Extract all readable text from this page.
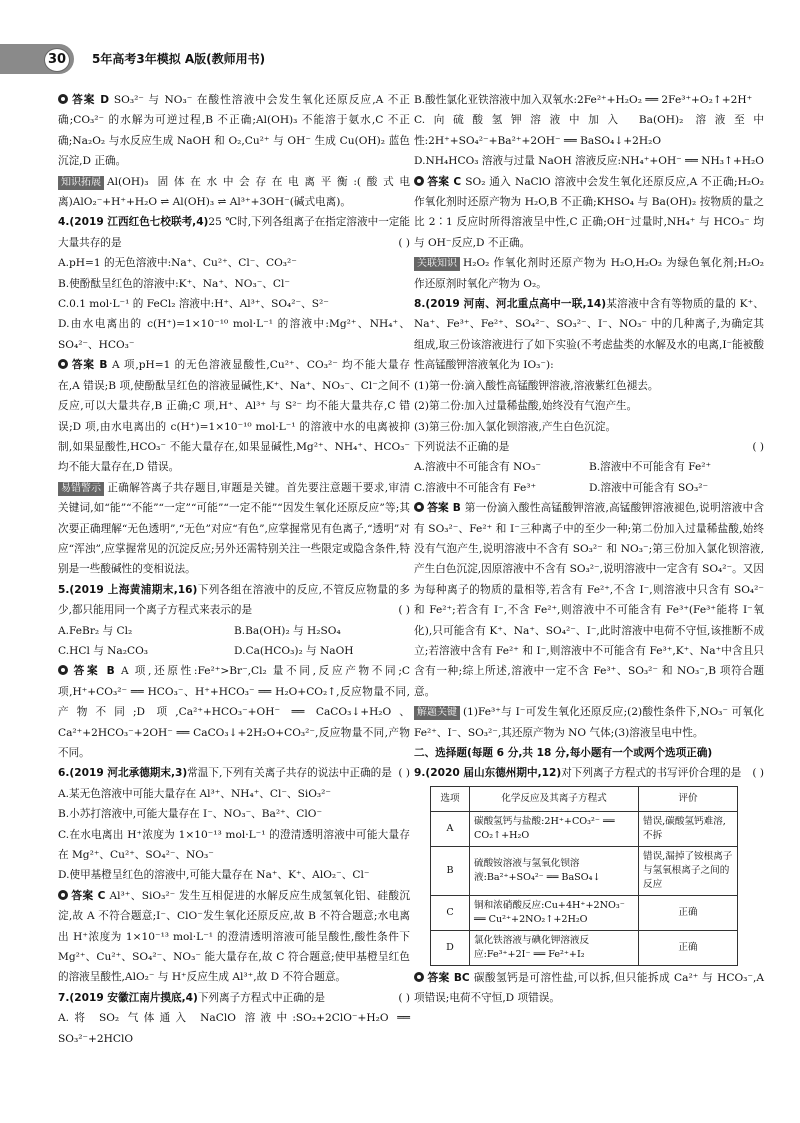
30	5年高考3年模拟 A版(教师用书)

答案 D SO₃²⁻ 与 NO₃⁻ 在酸性溶液中会发生氧化还原反应,A 不正确;CO₃²⁻ 的水解为可逆过程,B 不正确;Al(OH)₃ 不能溶于氨水,C 不正确;Na₂O₂ 与水反应生成 NaOH 和 O₂,Cu²⁺ 与 OH⁻ 生成 Cu(OH)₂ 蓝色沉淀,D 正确。

知识拓展 Al(OH)₃ 固体在水中会存在电离平衡:(酸式电离)AlO₂⁻+H⁺+H₂O ⇌ Al(OH)₃ ⇌ Al³⁺+3OH⁻(碱式电离)。

4.(2019 江西红色七校联考,4)25 ℃时,下列各组离子在指定溶液中一定能大量共存的是	( )

A.pH=1 的无色溶液中:Na⁺、Cu²⁺、Cl⁻、CO₃²⁻

B.使酚酞呈红色的溶液中:K⁺、Na⁺、NO₃⁻、Cl⁻

C.0.1 mol·L⁻¹ 的 FeCl₂ 溶液中:H⁺、Al³⁺、SO₄²⁻、S²⁻

D.由水电离出的 c(H⁺)=1×10⁻¹⁰ mol·L⁻¹ 的溶液中:Mg²⁺、NH₄⁺、SO₄²⁻、HCO₃⁻

答案 B A 项,pH=1 的无色溶液显酸性,Cu²⁺、CO₃²⁻ 均不能大量存在,A 错误;B 项,使酚酞呈红色的溶液显碱性,K⁺、Na⁺、NO₃⁻、Cl⁻之间不反应,可以大量共存,B 正确;C 项,H⁺、Al³⁺ 与 S²⁻ 均不能大量共存,C 错误;D 项,由水电离出的 c(H⁺)=1×10⁻¹⁰ mol·L⁻¹ 的溶液中水的电离被抑制,如果显酸性,HCO₃⁻ 不能大量存在,如果显碱性,Mg²⁺、NH₄⁺、HCO₃⁻ 均不能大量存在,D 错误。

易错警示 正确解答离子共存题目,审题是关键。首先要注意题干要求,审清关键词,如“能”“不能”“一定”“可能”“一定不能”“因发生氧化还原反应”等;其次要正确理解“无色透明”,“无色”对应“有色”,应掌握常见有色离子,“透明”对应“浑浊”,应掌握常见的沉淀反应;另外还需特别关注一些限定或隐含条件,特别是一些酸碱性的变相说法。

5.(2019 上海黄浦期末,16)下列各组在溶液中的反应,不管反应物量的多少,都只能用同一个离子方程式来表示的是	( )

A.FeBr₂ 与 Cl₂	B.Ba(OH)₂ 与 H₂SO₄
C.HCl 与 Na₂CO₃	D.Ca(HCO₃)₂ 与 NaOH

答案 B A 项,还原性:Fe²⁺>Br⁻,Cl₂ 量不同,反应产物不同;C 项,H⁺+CO₃²⁻ ══ HCO₃⁻、H⁺+HCO₃⁻ ══ H₂O+CO₂↑,反应物量不同,产物不同;D 项,Ca²⁺+HCO₃⁻+OH⁻ ══ CaCO₃↓+H₂O、Ca²⁺+2HCO₃⁻+2OH⁻ ══ CaCO₃↓+2H₂O+CO₃²⁻,反应物量不同,产物不同。

6.(2019 河北承德期末,3)常温下,下列有关离子共存的说法中正确的是 ( )

A.某无色溶液中可能大量存在 Al³⁺、NH₄⁺、Cl⁻、SiO₃²⁻

B.小苏打溶液中,可能大量存在 I⁻、NO₃⁻、Ba²⁺、ClO⁻

C.在水电离出 H⁺浓度为 1×10⁻¹³ mol·L⁻¹ 的澄清透明溶液中可能大量存在 Mg²⁺、Cu²⁺、SO₄²⁻、NO₃⁻

D.使甲基橙呈红色的溶液中,可能大量存在 Na⁺、K⁺、AlO₂⁻、Cl⁻

答案 C Al³⁺、SiO₃²⁻ 发生互相促进的水解反应生成氢氧化铝、硅酸沉淀,故 A 不符合题意;I⁻、ClO⁻发生氧化还原反应,故 B 不符合题意;水电离出 H⁺浓度为 1×10⁻¹³ mol·L⁻¹ 的澄清透明溶液可能呈酸性,酸性条件下 Mg²⁺、Cu²⁺、SO₄²⁻、NO₃⁻ 能大量存在,故 C 符合题意;使甲基橙呈红色的溶液呈酸性,AlO₂⁻ 与 H⁺反应生成 Al³⁺,故 D 不符合题意。

7.(2019 安徽江南片摸底,4)下列离子方程式中正确的是	( )

A.将 SO₂ 气体通入 NaClO 溶液中:SO₂+2ClO⁻+H₂O ══ SO₃²⁻+2HClO

B.酸性氯化亚铁溶液中加入双氧水:2Fe²⁺+H₂O₂ ══ 2Fe³⁺+O₂↑+2H⁺

C.向硫酸氢钾溶液中加入 Ba(OH)₂ 溶液至中性:2H⁺+SO₄²⁻+Ba²⁺+2OH⁻ ══ BaSO₄↓+2H₂O

D.NH₄HCO₃ 溶液与过量 NaOH 溶液反应:NH₄⁺+OH⁻ ══ NH₃↑+H₂O

答案 C SO₂ 通入 NaClO 溶液中会发生氧化还原反应,A 不正确;H₂O₂ 作氧化剂时还原产物为 H₂O,B 不正确;KHSO₄ 与 Ba(OH)₂ 按物质的量之比 2∶1 反应时所得溶液呈中性,C 正确;OH⁻过量时,NH₄⁺ 与 HCO₃⁻ 均与 OH⁻反应,D 不正确。

关联知识 H₂O₂ 作氧化剂时还原产物为 H₂O,H₂O₂ 为绿色氧化剂;H₂O₂ 作还原剂时氧化产物为 O₂。

8.(2019 河南、河北重点高中一联,14)某溶液中含有等物质的量的 K⁺、Na⁺、Fe³⁺、Fe²⁺、SO₄²⁻、SO₃²⁻、I⁻、NO₃⁻ 中的几种离子,为确定其组成,取三份该溶液进行了如下实验(不考虑盐类的水解及水的电离,I⁻能被酸性高锰酸钾溶液氧化为 IO₃⁻):

(1)第一份:滴入酸性高锰酸钾溶液,溶液紫红色褪去。

(2)第二份:加入过量稀盐酸,始终没有气泡产生。

(3)第三份:加入氯化钡溶液,产生白色沉淀。

下列说法不正确的是	( )

A.溶液中不可能含有 NO₃⁻	B.溶液中不可能含有 Fe²⁺
C.溶液中不可能含有 Fe³⁺	D.溶液中可能含有 SO₃²⁻

答案 B 第一份滴入酸性高锰酸钾溶液,高锰酸钾溶液褪色,说明溶液中含有 SO₃²⁻、Fe²⁺ 和 I⁻三种离子中的至少一种;第二份加入过量稀盐酸,始终没有气泡产生,说明溶液中不含有 SO₃²⁻ 和 NO₃⁻;第三份加入氯化钡溶液,产生白色沉淀,因原溶液中不含有 SO₃²⁻,说明溶液中一定含有 SO₄²⁻。又因为每种离子的物质的量相等,若含有 Fe²⁺,不含 I⁻,则溶液中只含有 SO₄²⁻ 和 Fe²⁺;若含有 I⁻,不含 Fe²⁺,则溶液中不可能含有 Fe³⁺(Fe³⁺能将 I⁻氧化),只可能含有 K⁺、Na⁺、SO₄²⁻、I⁻,此时溶液中电荷不守恒,该推断不成立;若溶液中含有 Fe²⁺ 和 I⁻,则溶液中不可能含有 Fe³⁺,K⁺、Na⁺中含且只含有一种;综上所述,溶液中一定不含 Fe³⁺、SO₃²⁻ 和 NO₃⁻,B 项符合题意。

解题关键 (1)Fe³⁺与 I⁻可发生氧化还原反应;(2)酸性条件下,NO₃⁻ 可氧化 Fe²⁺、I⁻、SO₃²⁻,其还原产物为 NO 气体;(3)溶液呈电中性。

二、选择题(每题 6 分,共 18 分,每小题有一个或两个选项正确)

9.(2020 届山东德州期中,12)对下列离子方程式的书写评价合理的是 ( )

选项	化学反应及其离子方程式	评价
A	碳酸氢钙与盐酸:2H⁺+CO₃²⁻ ══ CO₂↑+H₂O	错误,碳酸氢钙难溶,不拆
B	硫酸铵溶液与氢氧化钡溶液:Ba²⁺+SO₄²⁻ ══ BaSO₄↓	错误,漏掉了铵根离子与氢氧根离子之间的反应
C	铜和浓硝酸反应:Cu+4H⁺+2NO₃⁻ ══ Cu²⁺+2NO₂↑+2H₂O	正确
D	氯化铁溶液与碘化钾溶液反应:Fe³⁺+2I⁻ ══ Fe²⁺+I₂	正确

答案 BC 碳酸氢钙是可溶性盐,可以拆,但只能拆成 Ca²⁺ 与 HCO₃⁻,A 项错误;电荷不守恒,D 项错误。
